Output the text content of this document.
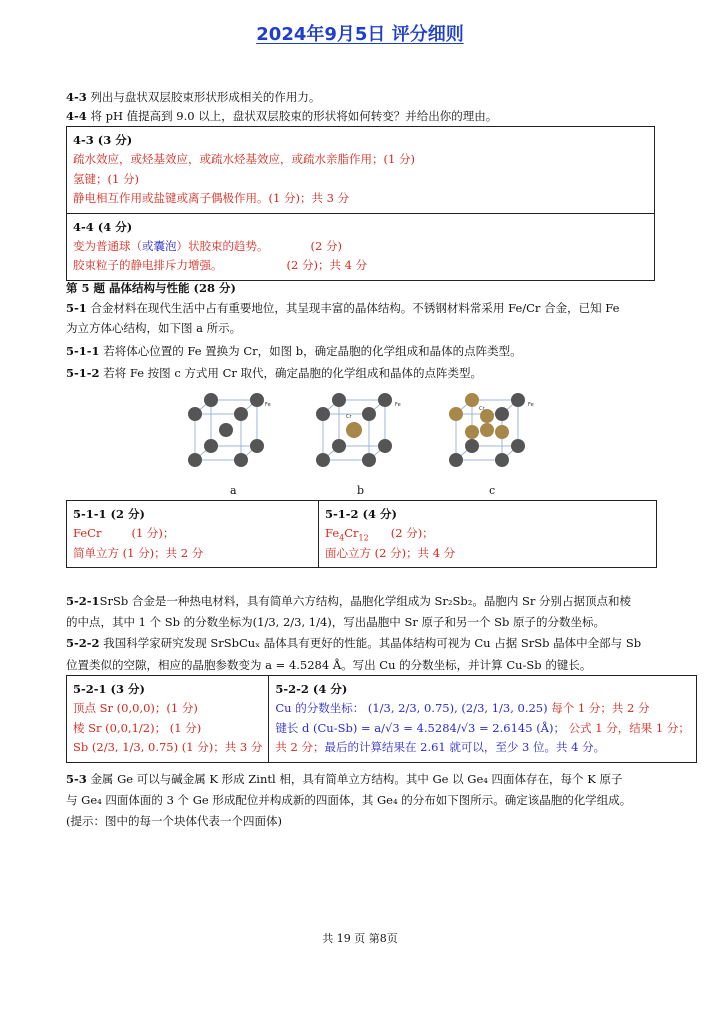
2024年9月5日 评分细则
4-3 列出与盘状双层胶束形状形成相关的作用力。
4-4 将 pH 值提高到 9.0 以上，盘状双层胶束的形状将如何转变？并给出你的理由。
4-3 (3 分)
疏水效应，或烃基效应，或疏水烃基效应，或疏水亲脂作用；(1 分)
氢键；(1 分)
静电相互作用或盐键或离子偶极作用。(1 分)；共 3 分

4-4 (4 分)
变为普通球（或囊泡）状胶束的趋势。	(2 分)
胶束粒子的静电排斥力增强。	(2 分)；共 4 分
第 5 题 晶体结构与性能 (28 分)
5-1 合金材料在现代生活中占有重要地位，其呈现丰富的晶体结构。不锈钢材料常采用 Fe/Cr 合金，已知 Fe
为立方体心结构，如下图 a 所示。
5-1-1 若将体心位置的 Fe 置换为 Cr，如图 b，确定晶胞的化学组成和晶体的点阵类型。
5-1-2 若将 Fe 按图 c 方式用 Cr 取代，确定晶胞的化学组成和晶体的点阵类型。
Fe
Cr
Fe
Cr
Fe
a	b	c
5-1-1 (2 分)
FeCr	(1 分)；
简单立方 (1 分)；共 2 分

5-1-2 (4 分)
$Fe_4Cr_{12}$ (2 分)；
面心立方 (2 分)；共 4 分
5-2-1SrSb 合金是一种热电材料，具有简单六方结构，晶胞化学组成为 Sr₂Sb₂。晶胞内 Sr 分别占据顶点和棱
的中点，其中 1 个 Sb 的分数坐标为(1/3, 2/3, 1/4)，写出晶胞中 Sr 原子和另一个 Sb 原子的分数坐标。
5-2-2 我国科学家研究发现 SrSbCuₓ 晶体具有更好的性能。其晶体结构可视为 Cu 占据 SrSb 晶体中全部与 Sb
位置类似的空隙，相应的晶胞参数变为 a = 4.5284 Å。写出 Cu 的分数坐标，并计算 Cu-Sb 的键长。
5-2-1 (3 分)
顶点 Sr (0,0,0)；(1 分)
棱 Sr (0,0,1/2)； (1 分)
Sb (2/3, 1/3, 0.75) (1 分)；共 3 分

5-2-2 (4 分)
Cu 的分数坐标： (1/3, 2/3, 0.75), (2/3, 1/3, 0.25) 每个 1 分；共 2 分
键长 d (Cu-Sb) = a/√3 = 4.5284/√3 = 2.6145 (Å)； 公式 1 分，结果 1 分；
共 2 分；最后的计算结果在 2.61 就可以，至少 3 位。共 4 分。
5-3 金属 Ge 可以与碱金属 K 形成 Zintl 相，具有简单立方结构。其中 Ge 以 Ge₄ 四面体存在，每个 K 原子
与 Ge₄ 四面体面的 3 个 Ge 形成配位并构成新的四面体，其 Ge₄ 的分布如下图所示。确定该晶胞的化学组成。
(提示：图中的每一个块体代表一个四面体)
共 19 页 第8页
